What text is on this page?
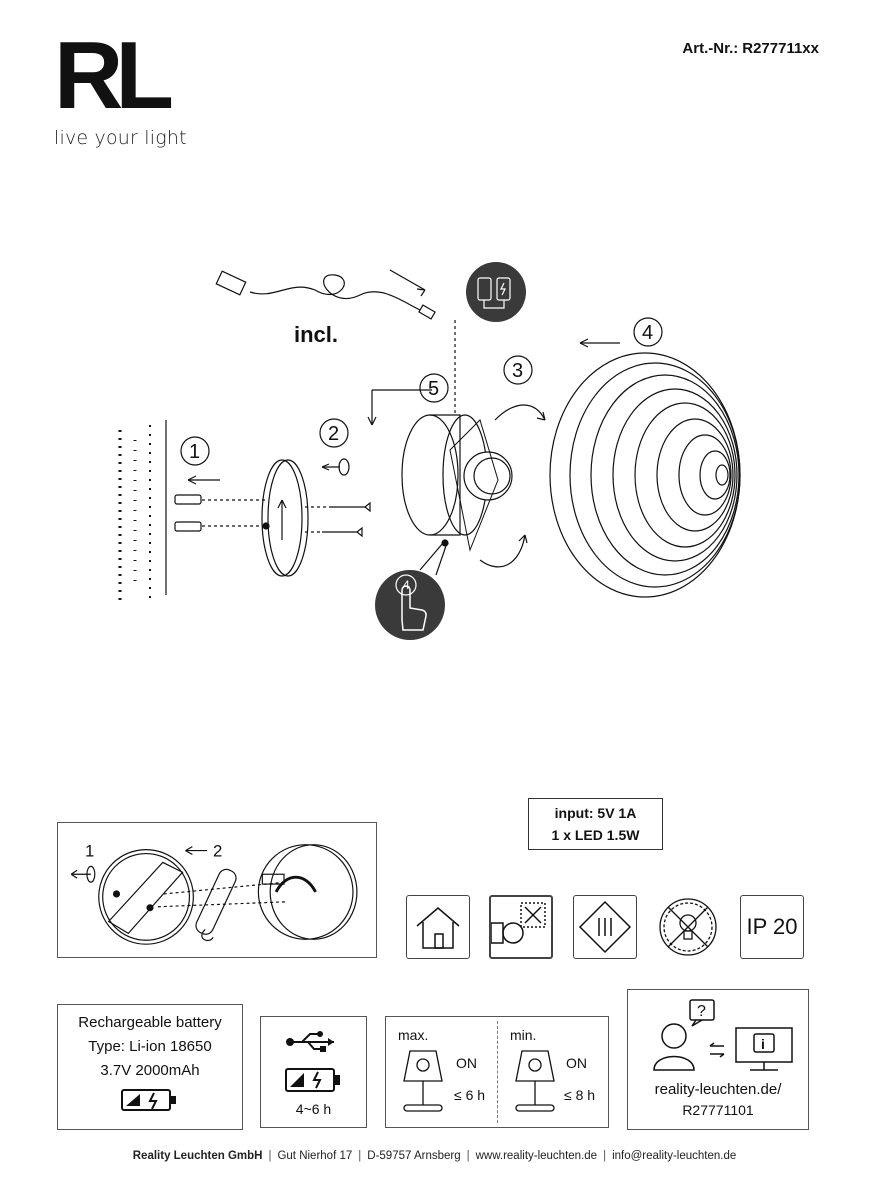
RL
live your light
Art.-Nr.: R277711xx
1
2
3
4
5
4
incl.
input: 5V 1A
1 x LED 1.5W
1	2
IP 20
Rechargeable battery
Type: Li-ion 18650
3.7V 2000mAh

4~6 h
max.
ON
≤ 6 h
min.
ON
≤ 8 h
?
i
reality-leuchten.de/
R27771101
Reality Leuchten GmbH | Gut Nierhof 17 | D-59757 Arnsberg | www.reality-leuchten.de | info@reality-leuchten.de
